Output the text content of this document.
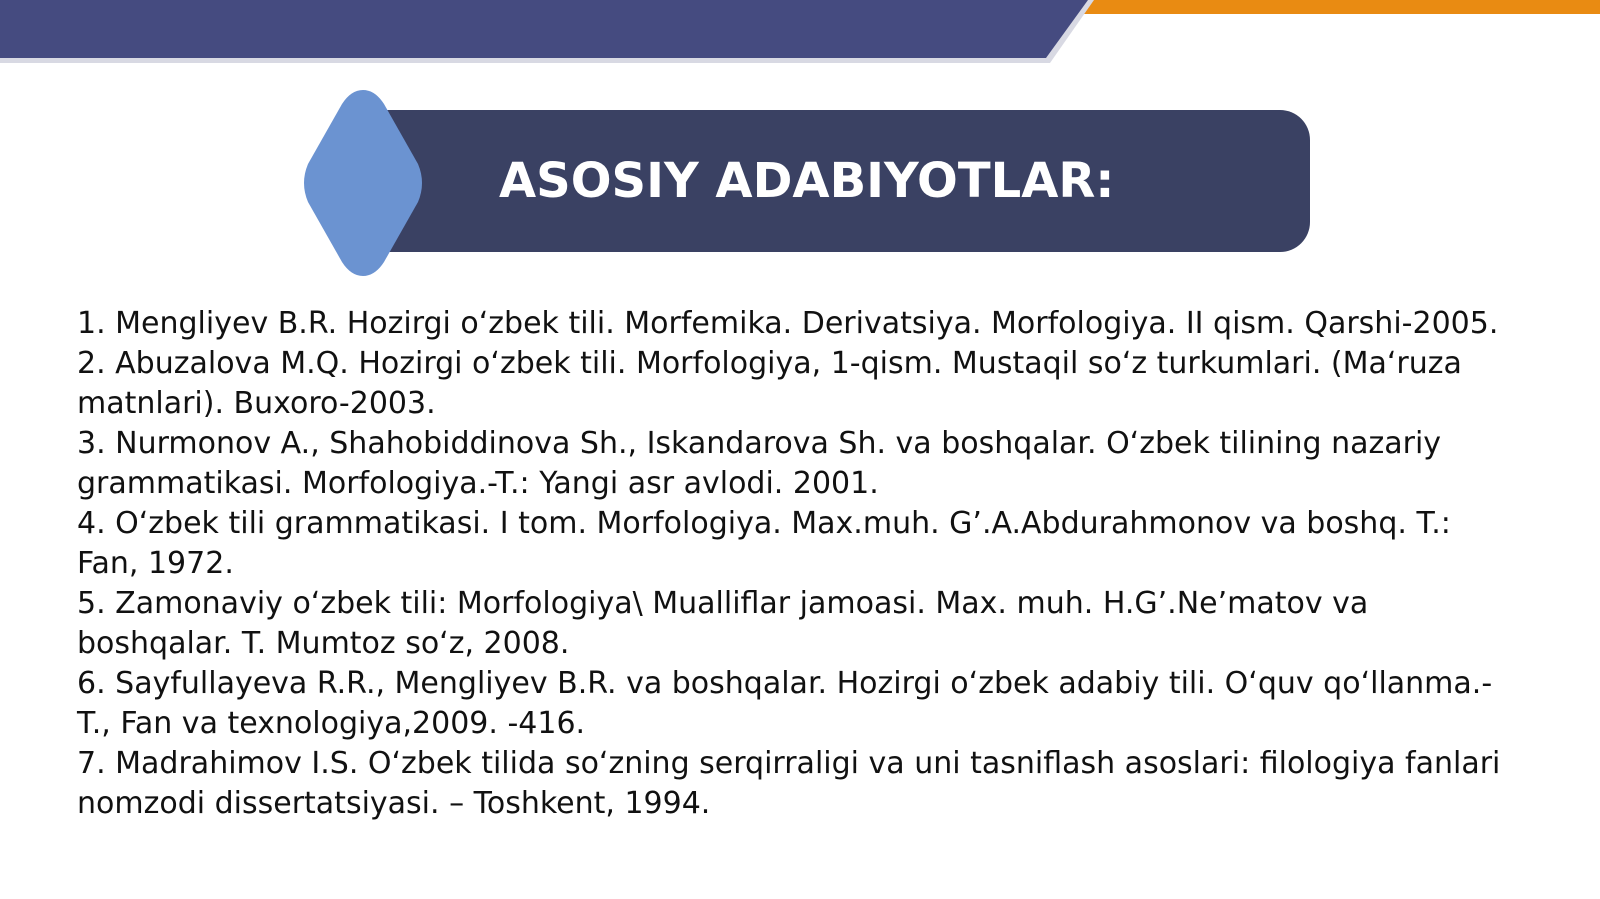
ASOSIY ADABIYOTLAR:
1. Mengliyev B.R. Hozirgi o‘zbek tili. Morfemika. Derivatsiya. Morfologiya. II qism. Qarshi-2005.
2. Abuzalova M.Q. Hozirgi o‘zbek tili. Morfologiya, 1-qism. Mustaqil so‘z turkumlari. (Ma‘ruza matnlari). Buxoro-2003.
3. Nurmonov A., Shahobiddinova Sh., Iskandarova Sh. va boshqalar. O‘zbek tilining nazariy grammatikasi. Morfologiya.-T.: Yangi asr avlodi. 2001.
4. O‘zbek tili grammatikasi. I tom. Morfologiya. Max.muh. G’.A.Abdurahmonov va boshq. T.: Fan, 1972.
5. Zamonaviy o‘zbek tili: Morfologiya\ Mualliflar jamoasi. Max. muh. H.G’.Ne’matov va boshqalar. T. Mumtoz so‘z, 2008.
6. Sayfullayeva R.R., Mengliyev B.R. va boshqalar. Hozirgi o‘zbek adabiy tili. O‘quv qo‘llanma.-T., Fan va texnologiya,2009. -416.
7. Madrahimov I.S. O‘zbek tilida so‘zning serqirraligi va uni tasniflash asoslari: filologiya fanlari nomzodi dissertatsiyasi. – Toshkent, 1994.
